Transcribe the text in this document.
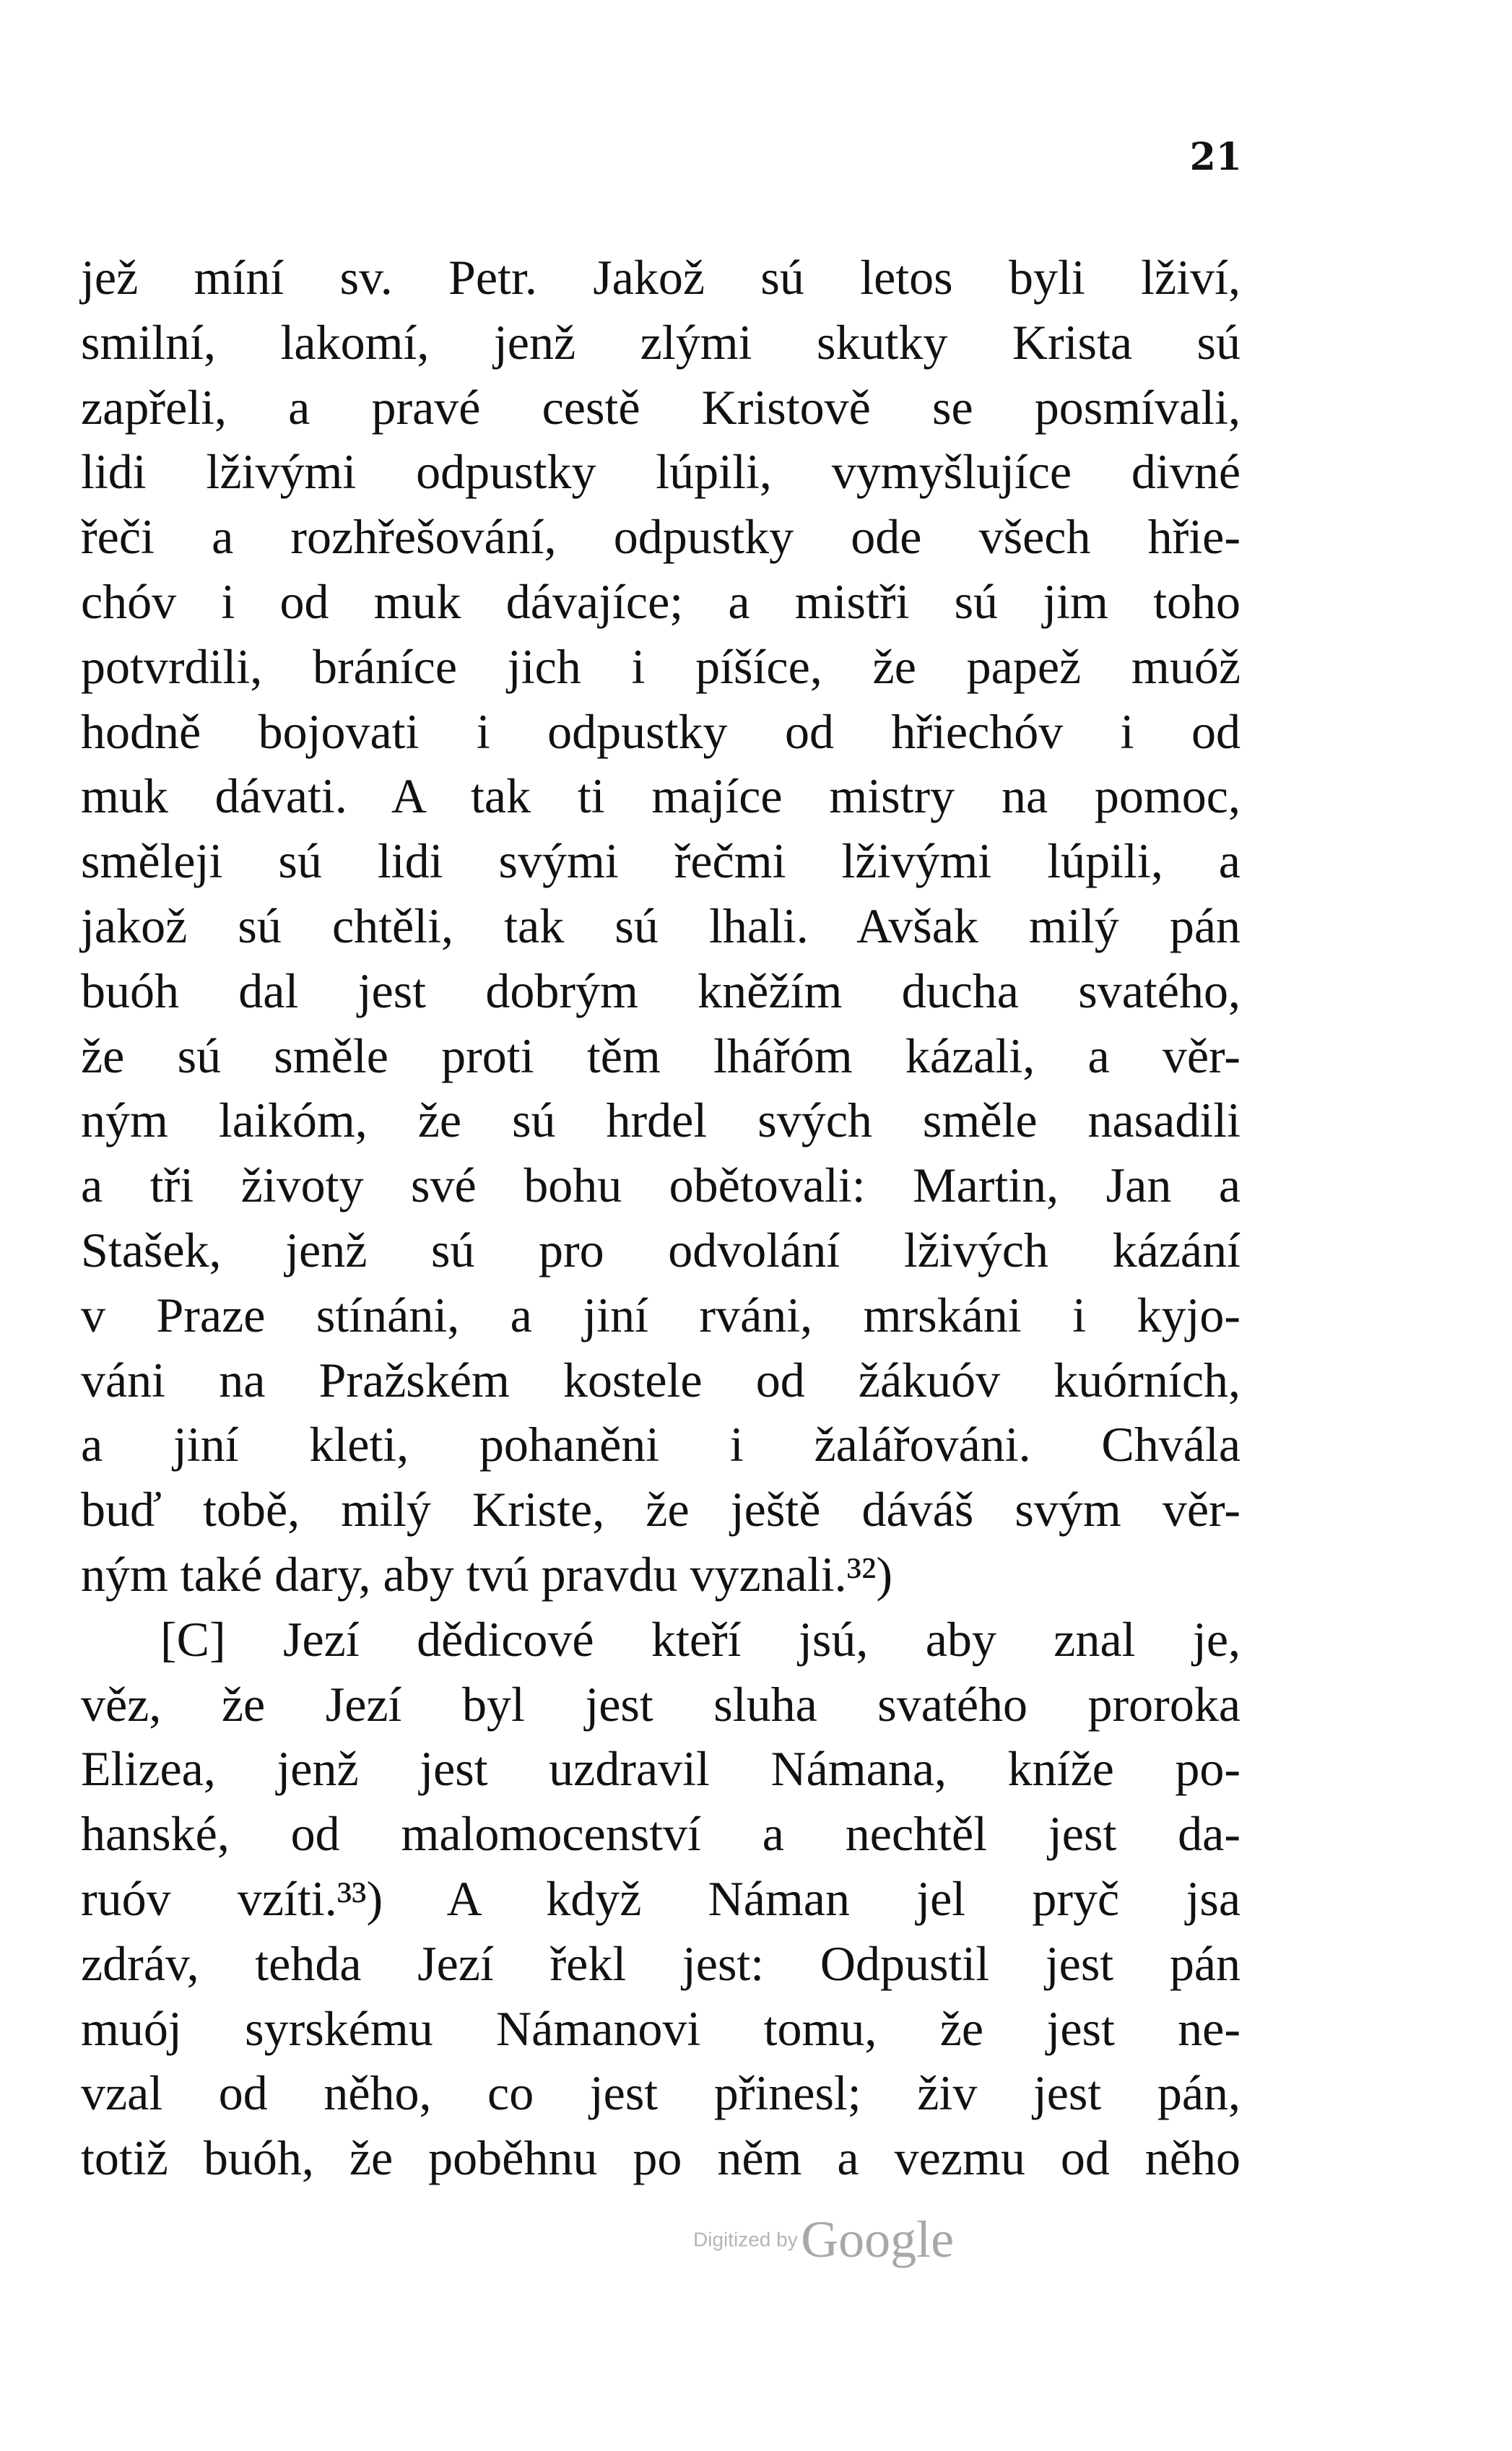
21
jež míní sv. Petr. Jakož sú letos byli lživí,
smilní, lakomí, jenž zlými skutky Krista sú
zapřeli, a pravé cestě Kristově se posmívali,
lidi lživými odpustky lúpili, vymyšlujíce divné
řeči a rozhřešování, odpustky ode všech hřie-
chóv i od muk dávajíce; a mistři sú jim toho
potvrdili, bráníce jich i píšíce, že papež muóž
hodně bojovati i odpustky od hřiechóv i od
muk dávati. A tak ti majíce mistry na pomoc,
směleji sú lidi svými řečmi lživými lúpili, a
jakož sú chtěli, tak sú lhali. Avšak milý pán
buóh dal jest dobrým kněžím ducha svatého,
že sú směle proti těm lhářóm kázali, a věr-
ným laikóm, že sú hrdel svých směle nasadili
a tři životy své bohu obětovali: Martin, Jan a
Stašek, jenž sú pro odvolání lživých kázání
v Praze stínáni, a jiní rváni, mrskáni i kyjo-
váni na Pražském kostele od žákuóv kuórních,
a jiní kleti, pohaněni i žalářováni. Chvála
buď tobě, milý Kriste, že ještě dáváš svým věr-
ným také dary, aby tvú pravdu vyznali.³²)
[C] Jezí dědicové kteří jsú, aby znal je,
věz, že Jezí byl jest sluha svatého proroka
Elizea, jenž jest uzdravil Námana, kníže po-
hanské, od malomocenství a nechtěl jest da-
ruóv vzíti.³³) A když Náman jel pryč jsa
zdráv, tehda Jezí řekl jest: Odpustil jest pán
muój syrskému Námanovi tomu, že jest ne-
vzal od něho, co jest přinesl; živ jest pán,
totiž buóh, že poběhnu po něm a vezmu od něho
Digitized by Google
